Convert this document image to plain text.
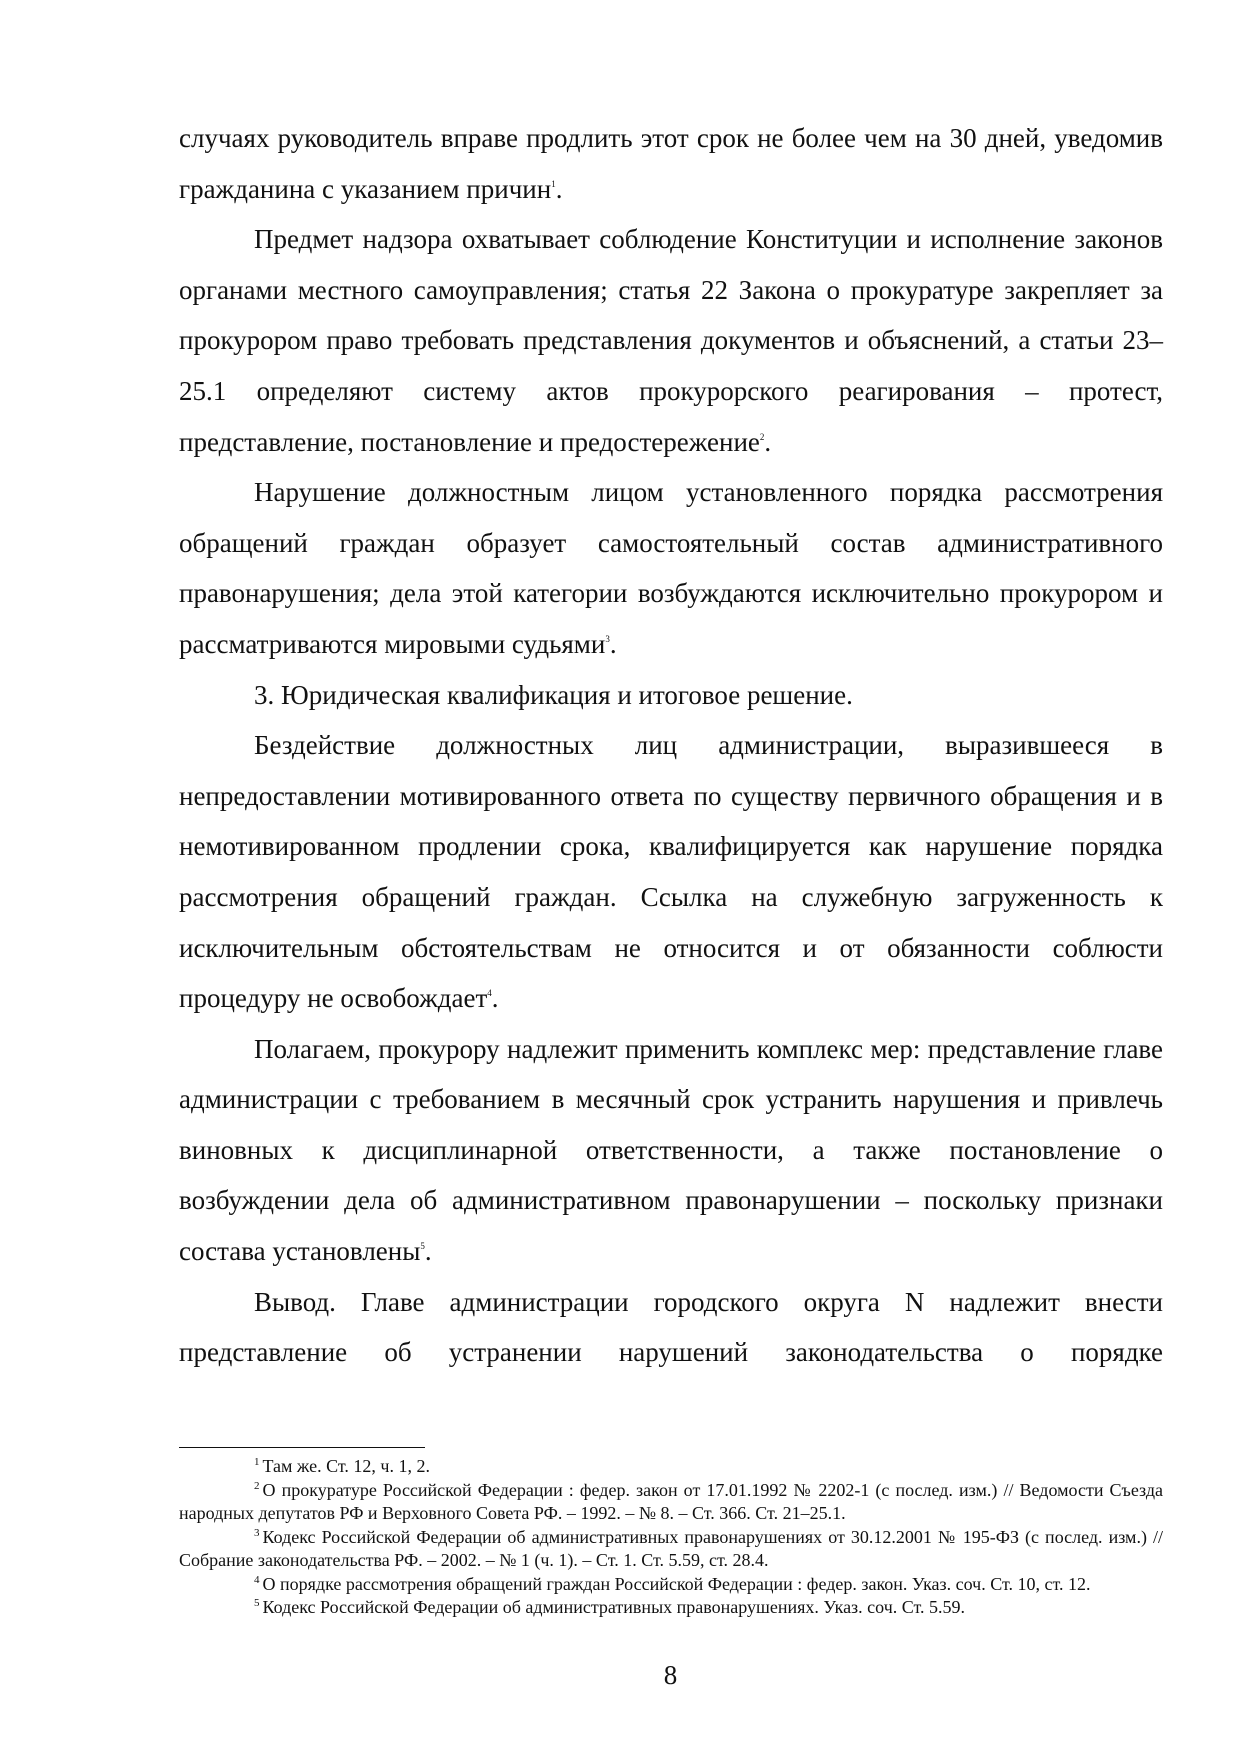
случаях руководитель вправе продлить этот срок не более чем на 30 дней, уведомив гражданина с указанием причин$^1$.

Предмет надзора охватывает соблюдение Конституции и исполнение законов органами местного самоуправления; статья 22 Закона о прокуратуре закрепляет за прокурором право требовать представления документов и объяснений, а статьи 23–25.1 определяют систему актов прокурорского реагирования – протест, представление, постановление и предостережение$^2$.

Нарушение должностным лицом установленного порядка рассмотрения обращений граждан образует самостоятельный состав административного правонарушения; дела этой категории возбуждаются исключительно прокурором и рассматриваются мировыми судьями$^3$.

3. Юридическая квалификация и итоговое решение.

Бездействие должностных лиц администрации, выразившееся в непредоставлении мотивированного ответа по существу первичного обращения и в немотивированном продлении срока, квалифицируется как нарушение порядка рассмотрения обращений граждан. Ссылка на служебную загруженность к исключительным обстоятельствам не относится и от обязанности соблюсти процедуру не освобождает$^4$.

Полагаем, прокурору надлежит применить комплекс мер: представление главе администрации с требованием в месячный срок устранить нарушения и привлечь виновных к дисциплинарной ответственности, а также постановление о возбуждении дела об административном правонарушении – поскольку признаки состава установлены$^5$.

Вывод. Главе администрации городского округа N надлежит внести представление об устранении нарушений законодательства о порядке

$^1$ Там же. Ст. 12, ч. 1, 2.

$^2$ О прокуратуре Российской Федерации : федер. закон от 17.01.1992 № 2202-1 (с послед. изм.) // Ведомости Съезда народных депутатов РФ и Верховного Совета РФ. – 1992. – № 8. – Ст. 366. Ст. 21–25.1.

$^3$ Кодекс Российской Федерации об административных правонарушениях от 30.12.2001 № 195-ФЗ (с послед. изм.) // Собрание законодательства РФ. – 2002. – № 1 (ч. 1). – Ст. 1. Ст. 5.59, ст. 28.4.

$^4$ О порядке рассмотрения обращений граждан Российской Федерации : федер. закон. Указ. соч. Ст. 10, ст. 12.

$^5$ Кодекс Российской Федерации об административных правонарушениях. Указ. соч. Ст. 5.59.

8
